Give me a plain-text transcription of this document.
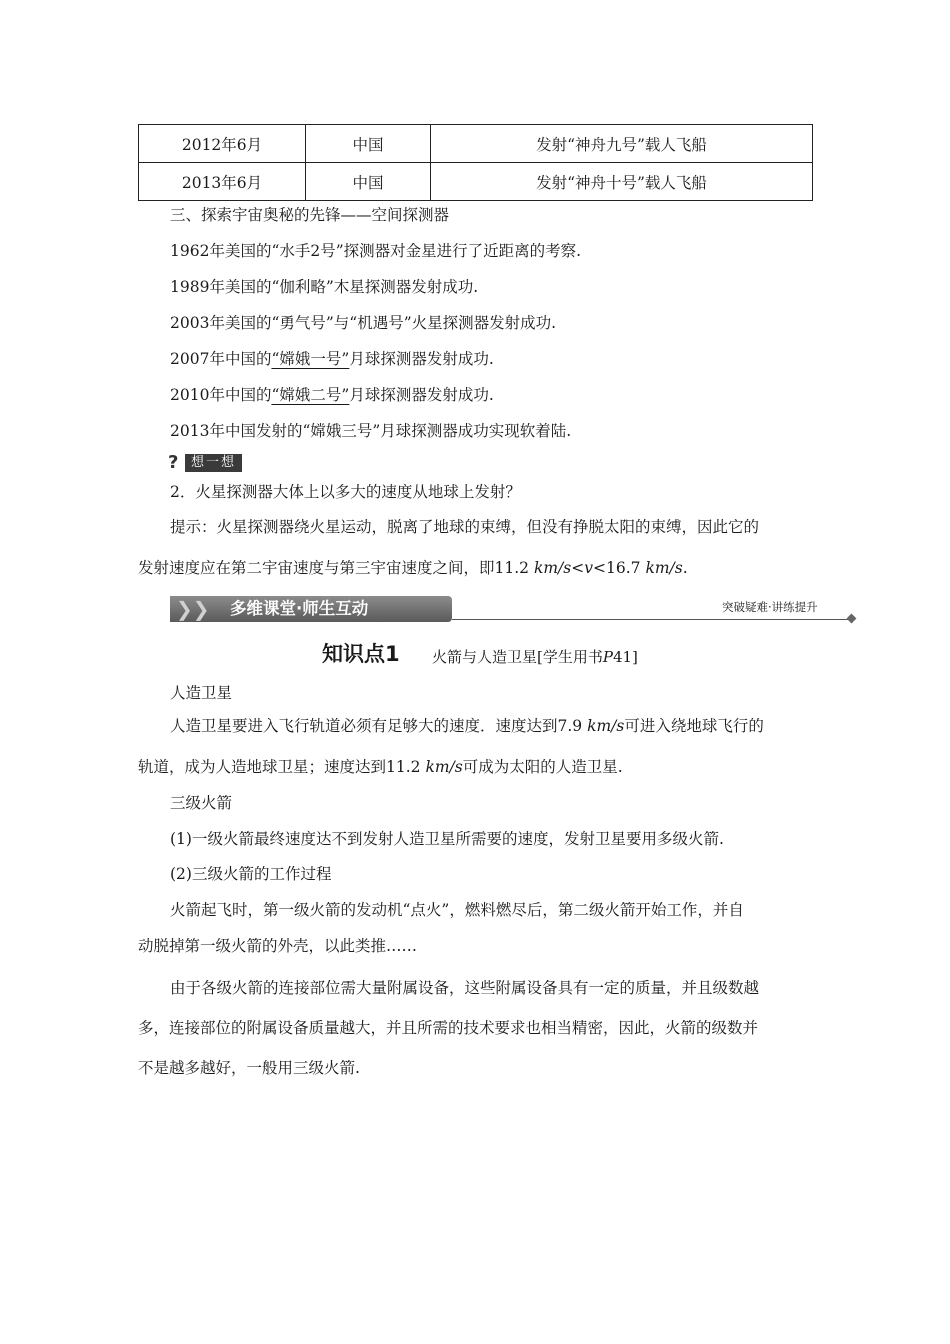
2012年6月	中国	发射“神舟九号”载人飞船
2013年6月	中国	发射“神舟十号”载人飞船
三、探索宇宙奥秘的先锋——空间探测器
1962年美国的“水手2号”探测器对金星进行了近距离的考察.
1989年美国的“伽利略”木星探测器发射成功.
2003年美国的“勇气号”与“机遇号”火星探测器发射成功.
2007年中国的“嫦娥一号”月球探测器发射成功.
2010年中国的“嫦娥二号”月球探测器发射成功.
2013年中国发射的“嫦娥三号”月球探测器成功实现软着陆.
? 想一想
2．火星探测器大体上以多大的速度从地球上发射？
提示：火星探测器绕火星运动，脱离了地球的束缚，但没有挣脱太阳的束缚，因此它的
发射速度应在第二宇宙速度与第三宇宙速度之间，即11.2 km/s<v<16.7 km/s.
❯❯	多维课堂·师生互动	突破疑难·讲练提升
知识点1 火箭与人造卫星[学生用书P41]
人造卫星
人造卫星要进入飞行轨道必须有足够大的速度．速度达到7.9 km/s可进入绕地球飞行的
轨道，成为人造地球卫星；速度达到11.2 km/s可成为太阳的人造卫星.
三级火箭
(1)一级火箭最终速度达不到发射人造卫星所需要的速度，发射卫星要用多级火箭.
(2)三级火箭的工作过程
火箭起飞时，第一级火箭的发动机“点火”，燃料燃尽后，第二级火箭开始工作，并自
动脱掉第一级火箭的外壳，以此类推……
由于各级火箭的连接部位需大量附属设备，这些附属设备具有一定的质量，并且级数越
多，连接部位的附属设备质量越大，并且所需的技术要求也相当精密，因此，火箭的级数并
不是越多越好，一般用三级火箭.
